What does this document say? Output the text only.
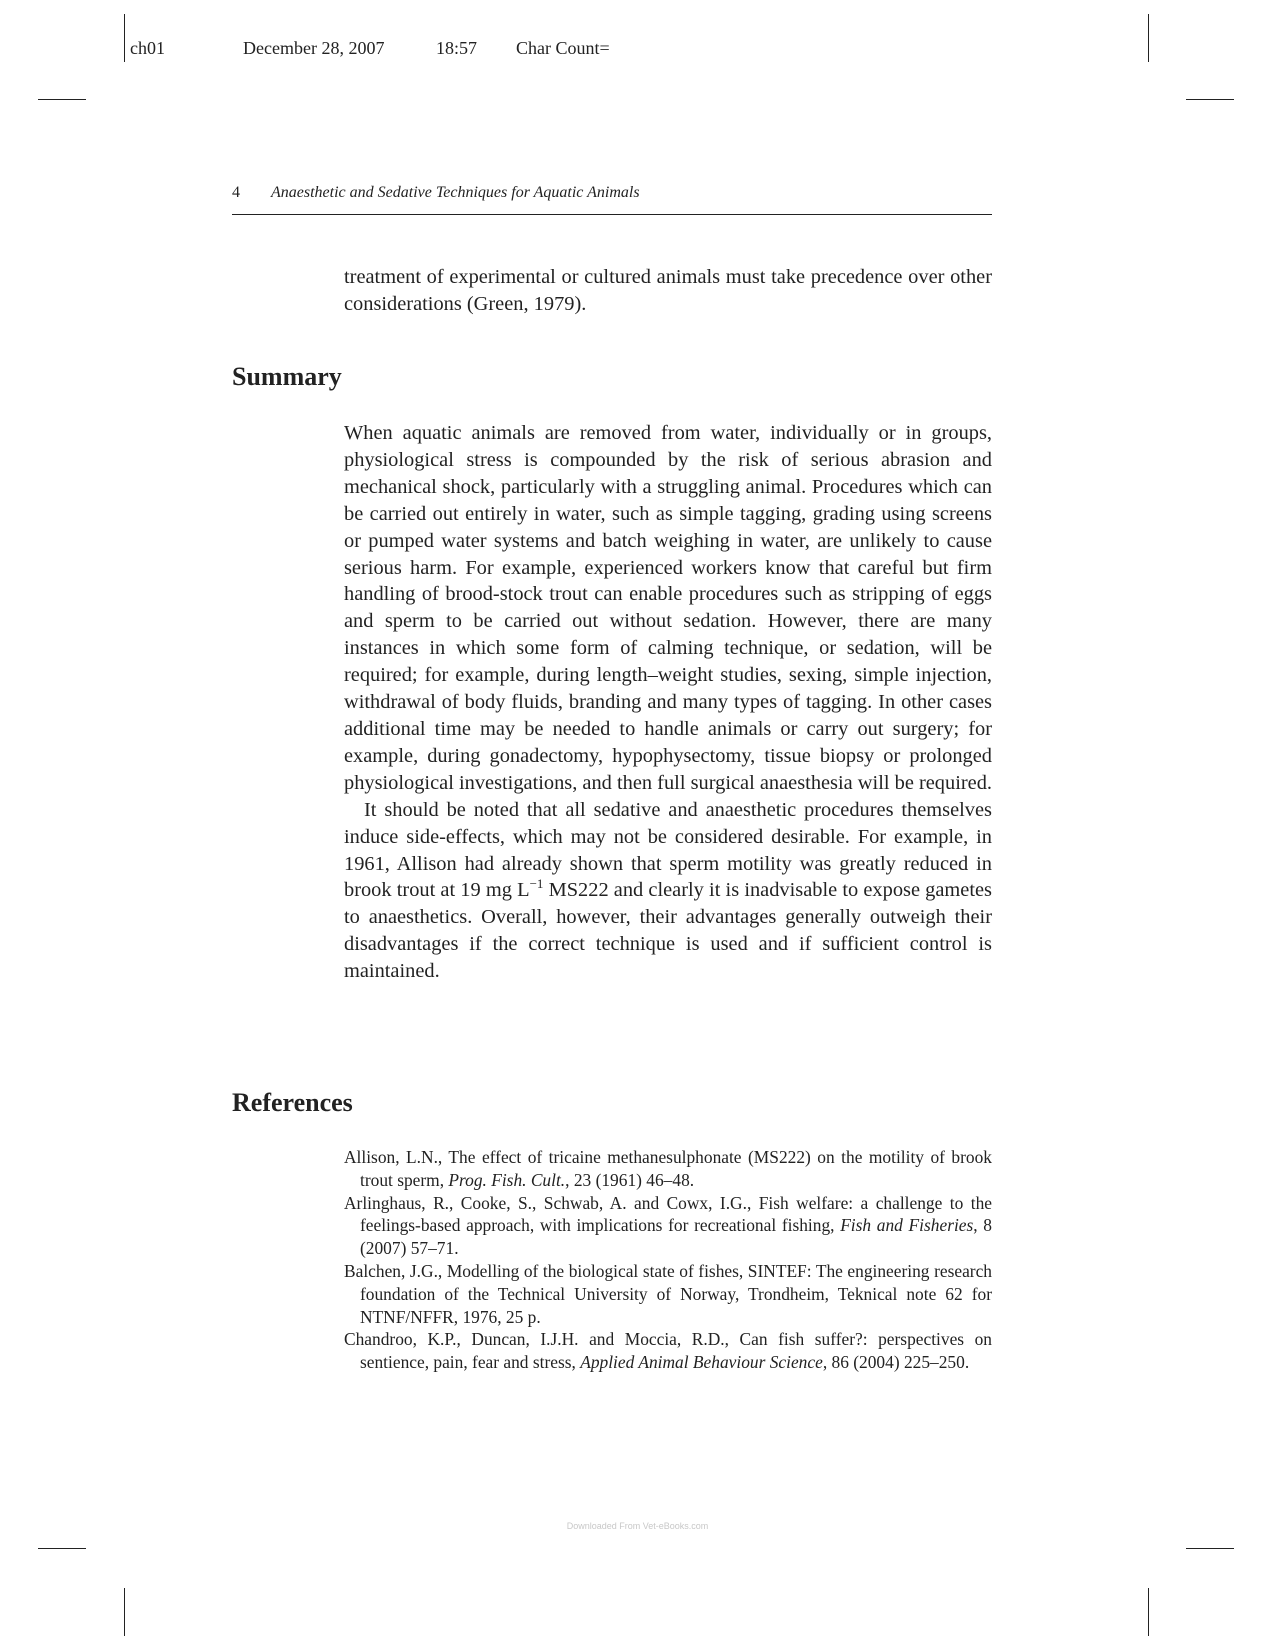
ch01	December 28, 2007	18:57 Char Count=
4 Anaesthetic and Sedative Techniques for Aquatic Animals

treatment of experimental or cultured animals must take precedence over other considerations (Green, 1979).

Summary

When aquatic animals are removed from water, individually or in groups, physiological stress is compounded by the risk of serious abrasion and mechanical shock, particularly with a struggling animal. Procedures which can be carried out entirely in water, such as simple tagging, grading using screens or pumped water systems and batch weighing in water, are unlikely to cause serious harm. For example, experienced workers know that careful but firm handling of brood-stock trout can enable procedures such as stripping of eggs and sperm to be carried out without sedation. However, there are many instances in which some form of calming technique, or sedation, will be required; for example, during length–weight studies, sexing, simple injection, withdrawal of body fluids, branding and many types of tagging. In other cases additional time may be needed to handle animals or carry out surgery; for example, during gonadectomy, hypophysectomy, tissue biopsy or prolonged physiological investigations, and then full surgical anaesthesia will be required.

It should be noted that all sedative and anaesthetic procedures themselves induce side-effects, which may not be considered desirable. For example, in 1961, Allison had already shown that sperm motility was greatly reduced in brook trout at 19 mg $L^{-1}$ MS222 and clearly it is inadvisable to expose gametes to anaesthetics. Overall, however, their advantages generally outweigh their disadvantages if the correct technique is used and if sufficient control is maintained.

References

Allison, L.N., The effect of tricaine methanesulphonate (MS222) on the motility of brook trout sperm, Prog. Fish. Cult., 23 (1961) 46–48.

Arlinghaus, R., Cooke, S., Schwab, A. and Cowx, I.G., Fish welfare: a challenge to the feelings-based approach, with implications for recreational fishing, Fish and Fisheries, 8 (2007) 57–71.

Balchen, J.G., Modelling of the biological state of fishes, SINTEF: The engineering research foundation of the Technical University of Norway, Trondheim, Teknical note 62 for NTNF/NFFR, 1976, 25 p.

Chandroo, K.P., Duncan, I.J.H. and Moccia, R.D., Can fish suffer?: perspectives on sentience, pain, fear and stress, Applied Animal Behaviour Science, 86 (2004) 225–250.

Downloaded From Vet-eBooks.com
